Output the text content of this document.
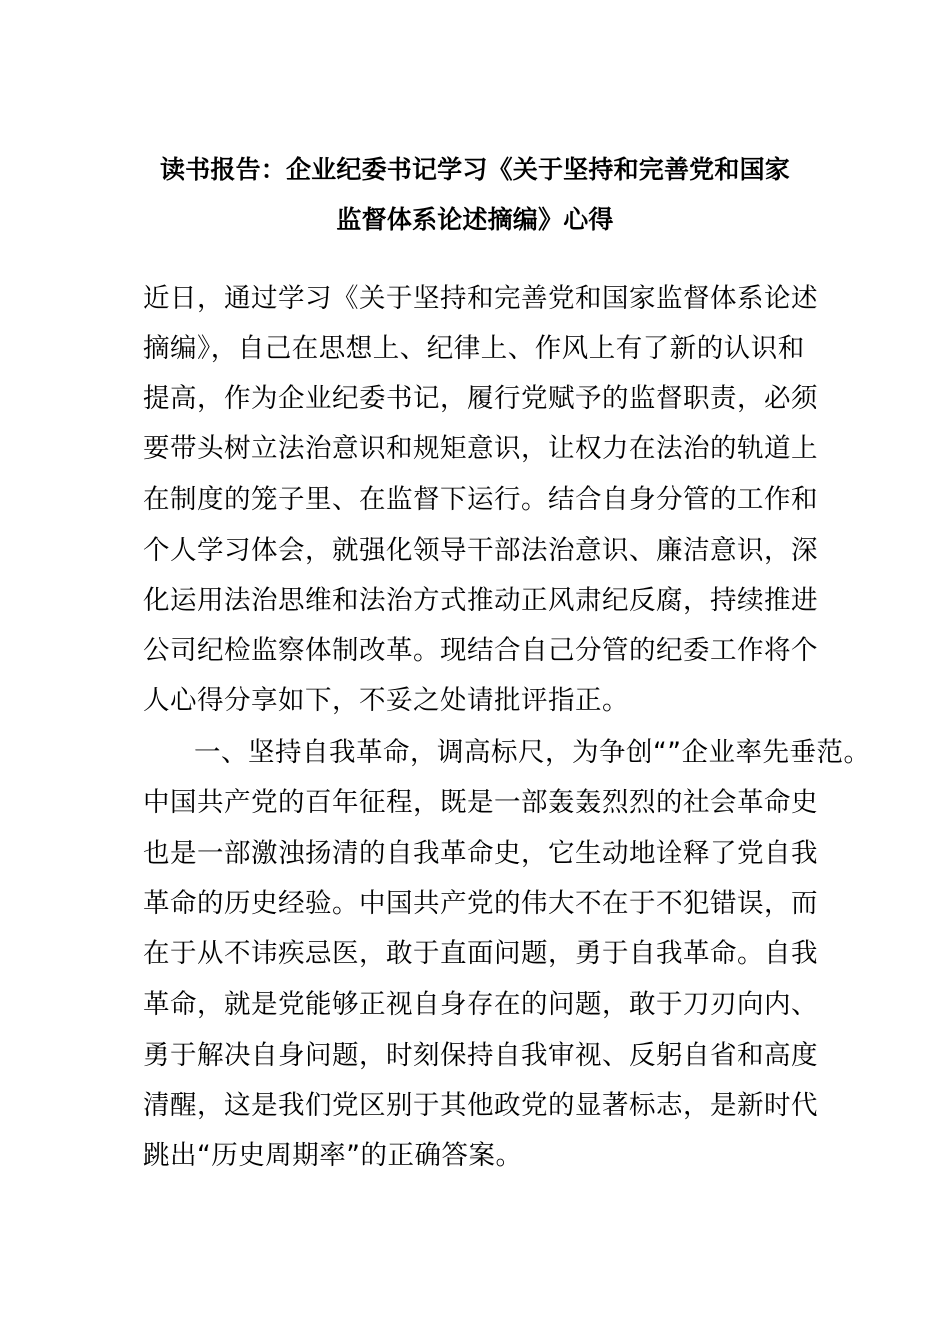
读书报告：企业纪委书记学习《关于坚持和完善党和国家
监督体系论述摘编》心得
近日，通过学习《关于坚持和完善党和国家监督体系论述
摘编》，自己在思想上、纪律上、作风上有了新的认识和
提高，作为企业纪委书记，履行党赋予的监督职责，必须
要带头树立法治意识和规矩意识，让权力在法治的轨道上
在制度的笼子里、在监督下运行。结合自身分管的工作和
个人学习体会，就强化领导干部法治意识、廉洁意识，深
化运用法治思维和法治方式推动正风肃纪反腐，持续推进
公司纪检监察体制改革。现结合自己分管的纪委工作将个
人心得分享如下，不妥之处请批评指正。
一、坚持自我革命，调高标尺，为争创“”企业率先垂范。
中国共产党的百年征程，既是一部轰轰烈烈的社会革命史
也是一部激浊扬清的自我革命史，它生动地诠释了党自我
革命的历史经验。中国共产党的伟大不在于不犯错误，而
在于从不讳疾忌医，敢于直面问题，勇于自我革命。自我
革命，就是党能够正视自身存在的问题，敢于刀刃向内、
勇于解决自身问题，时刻保持自我审视、反躬自省和高度
清醒，这是我们党区别于其他政党的显著标志，是新时代
跳出“历史周期率”的正确答案。
